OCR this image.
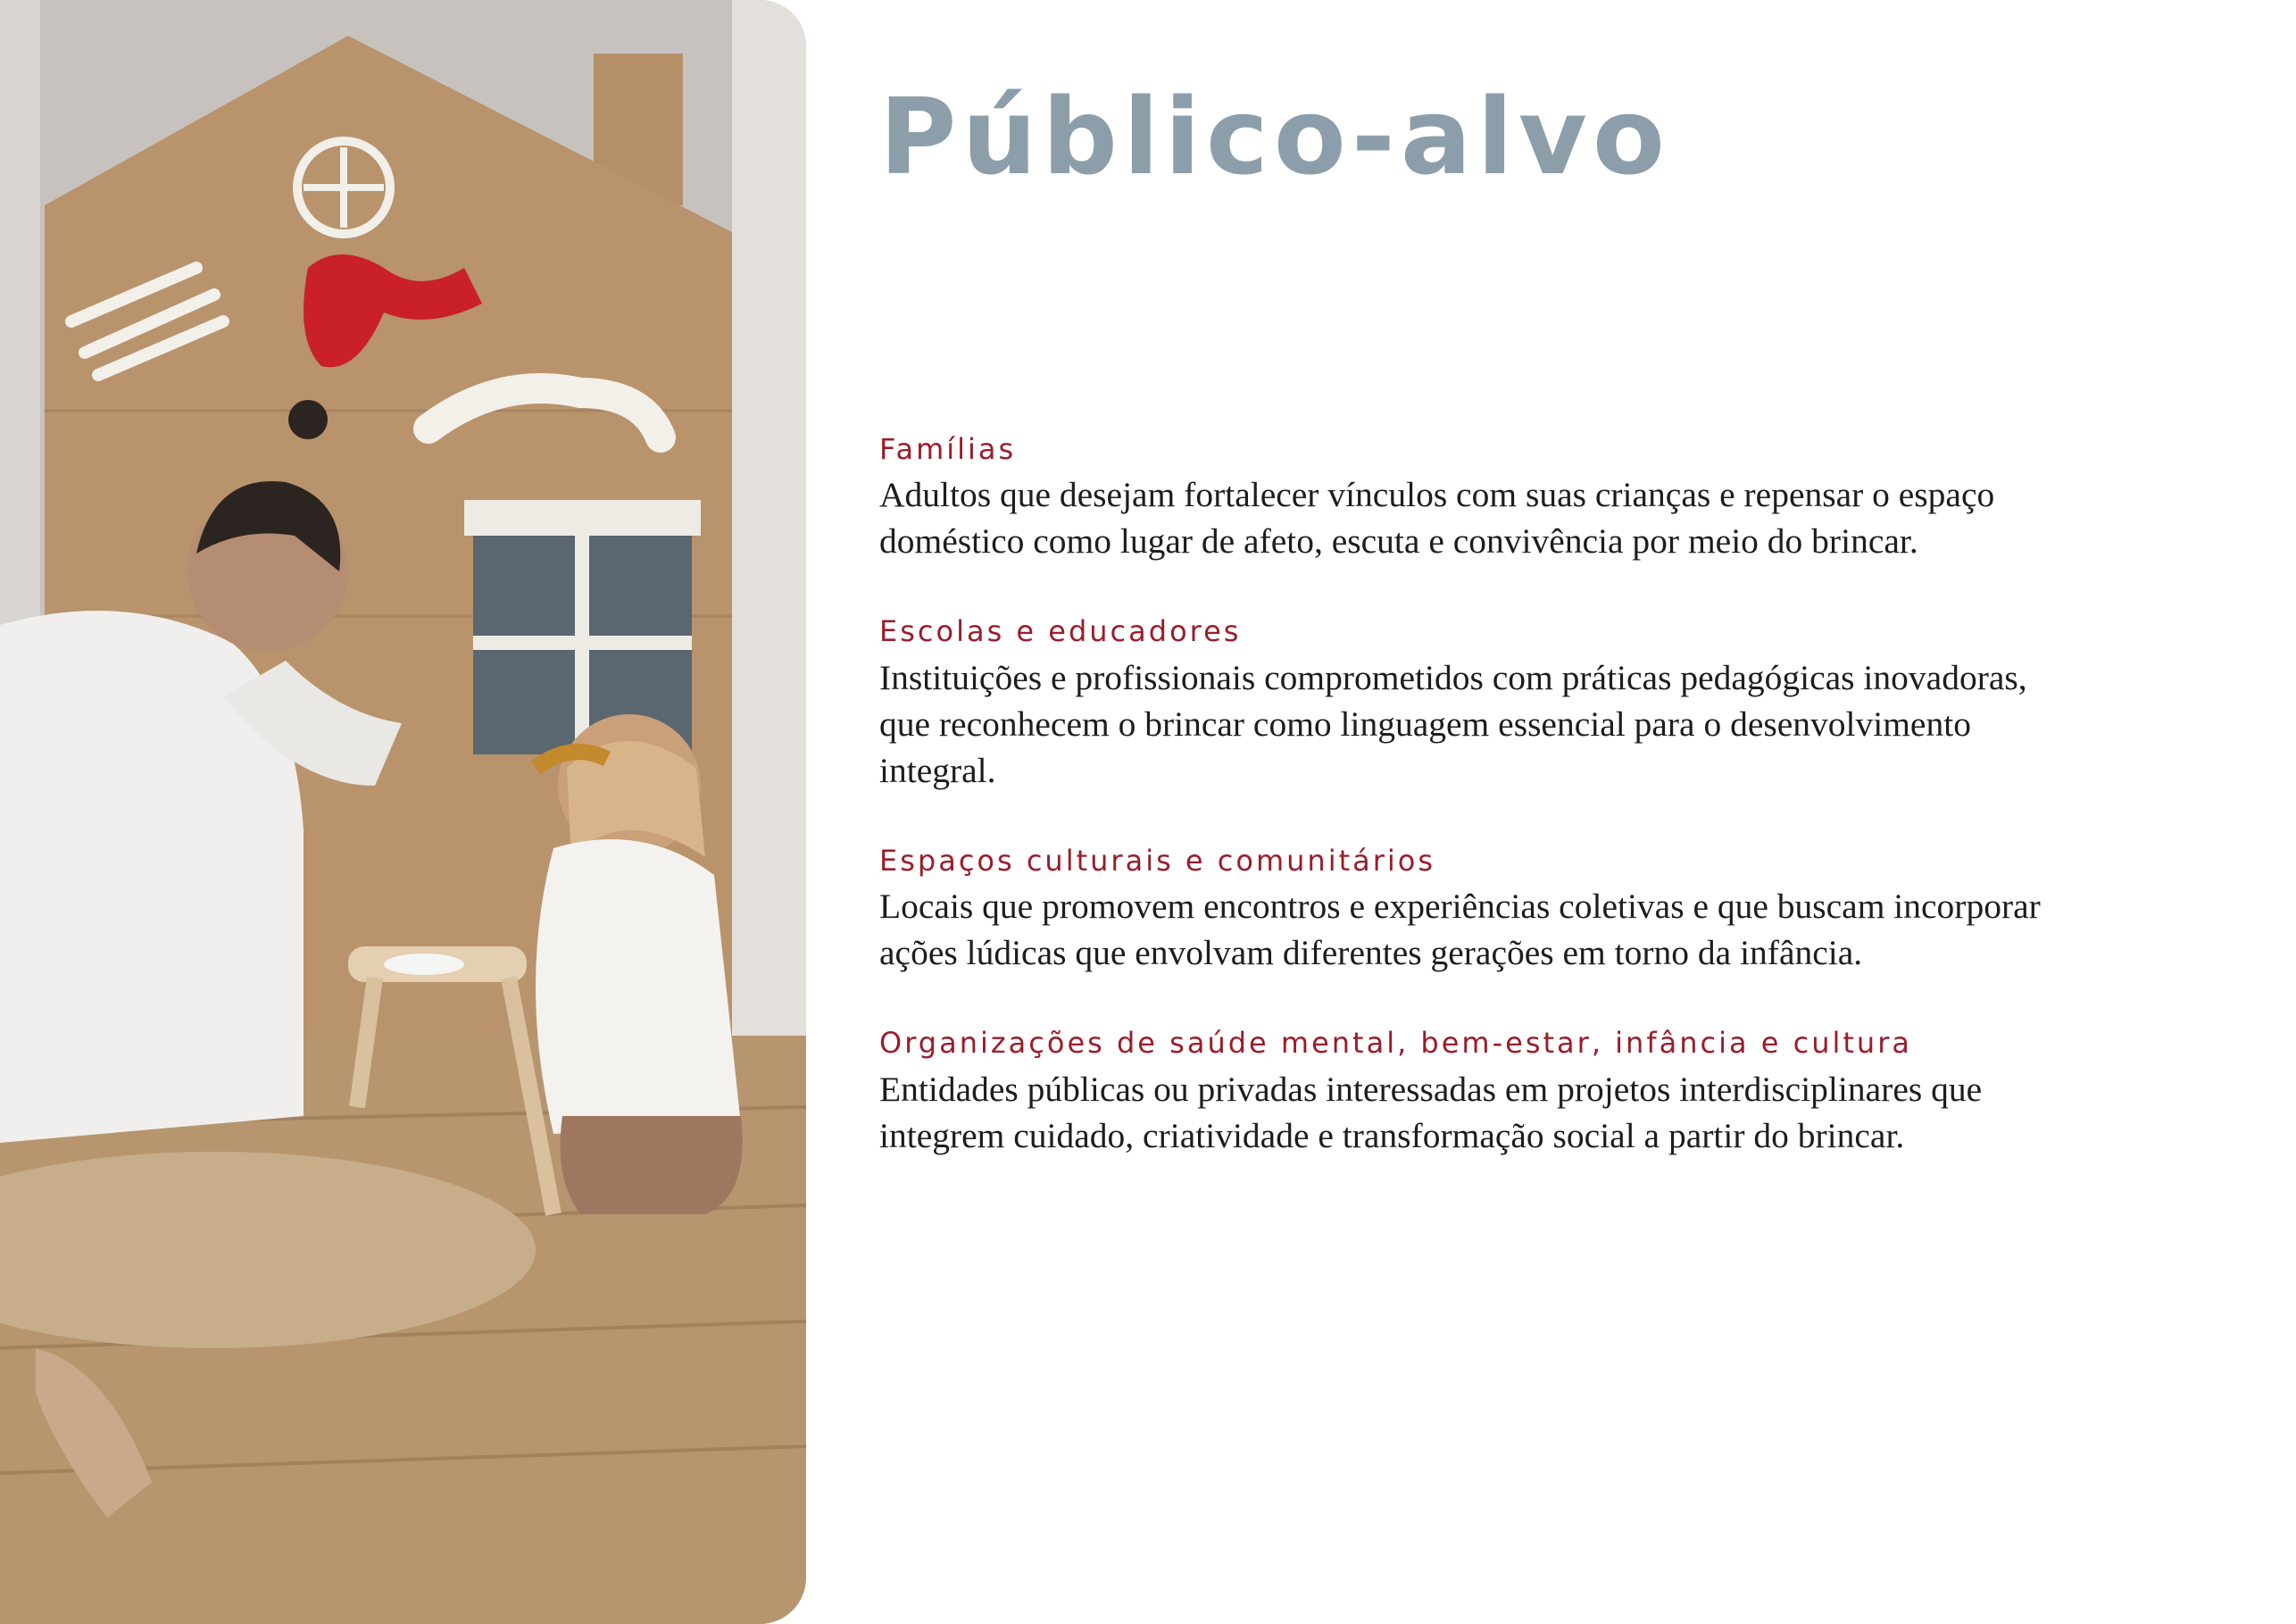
Público-alvo
Famílias

Adultos que desejam fortalecer vínculos com suas crianças e repensar o espaço doméstico como lugar de afeto, escuta e convivência por meio do brincar.

Escolas e educadores

Instituições e profissionais comprometidos com práticas pedagógicas inovadoras, que reconhecem o brincar como linguagem essencial para o desenvolvimento integral.

Espaços culturais e comunitários

Locais que promovem encontros e experiências coletivas e que buscam incorporar ações lúdicas que envolvam diferentes gerações em torno da infância.

Organizações de saúde mental, bem-estar, infância e cultura

Entidades públicas ou privadas interessadas em projetos interdisciplinares que integrem cuidado, criatividade e transformação social a partir do brincar.
